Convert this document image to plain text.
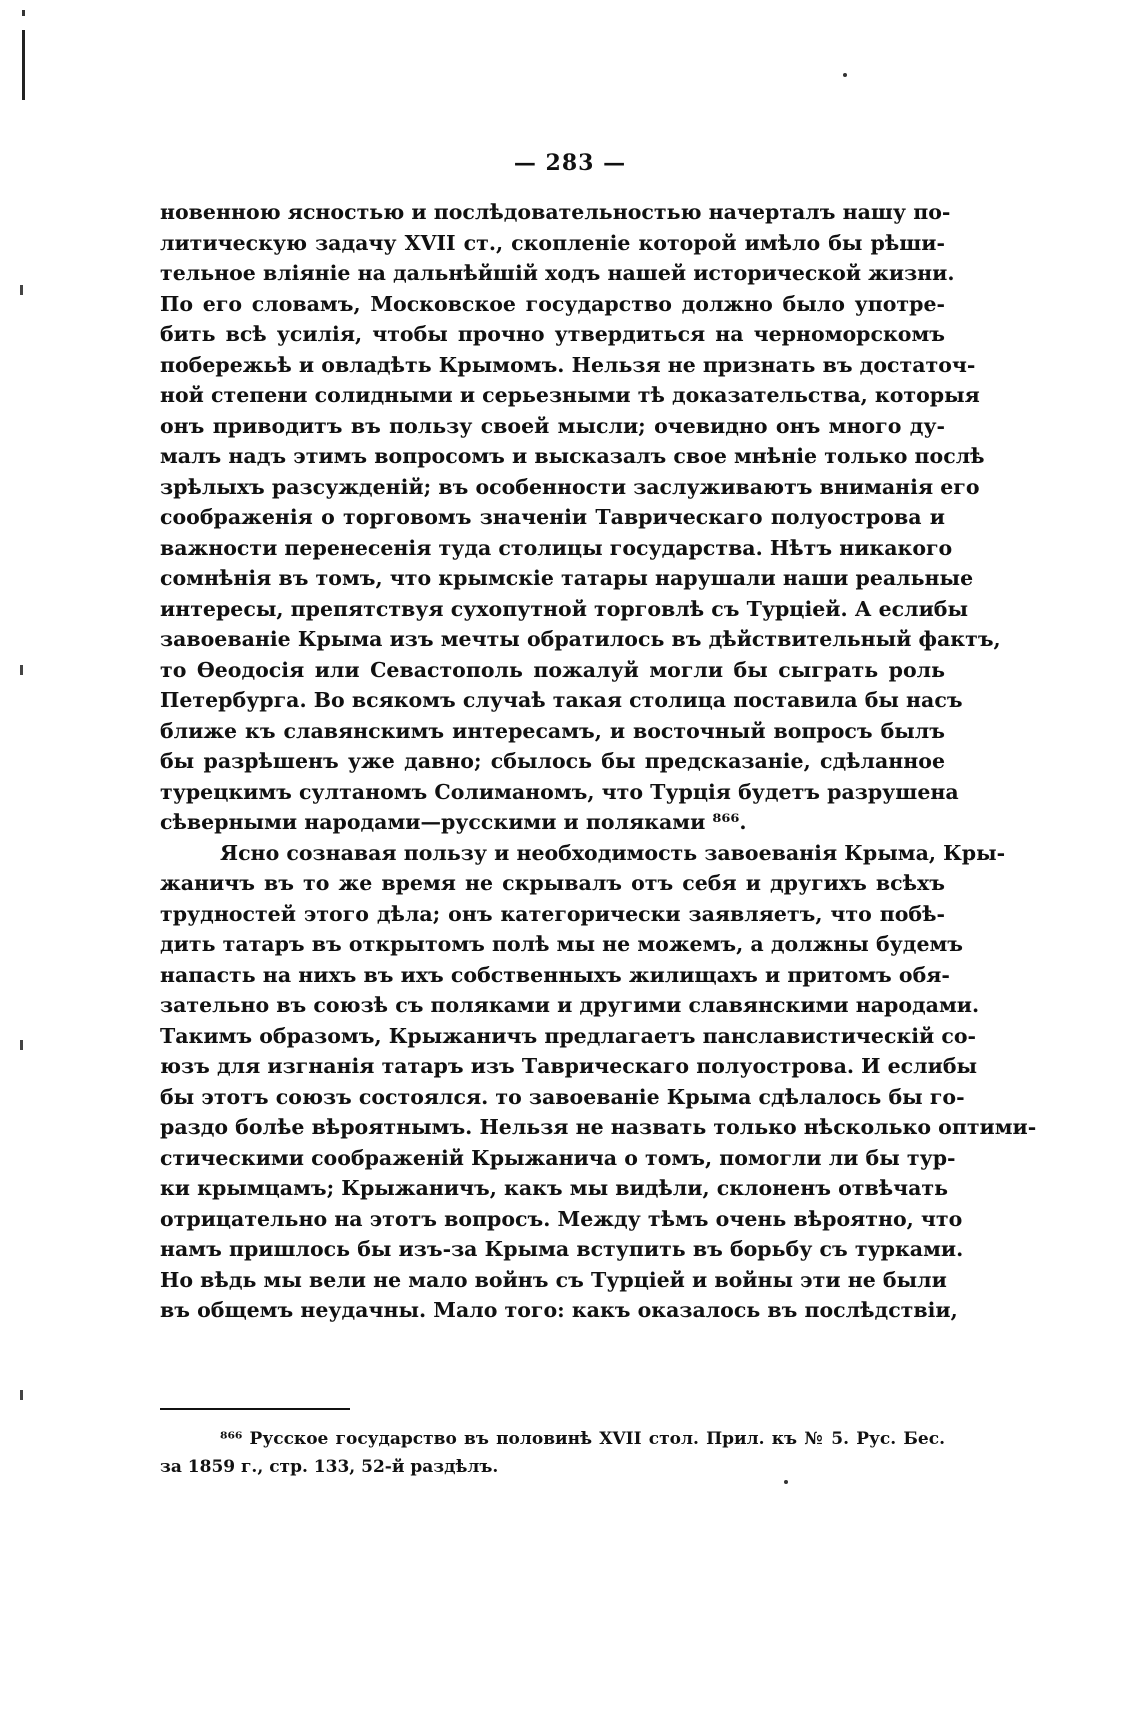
— 283 —
новенною ясностью и послѣдовательностью начерталъ нашу по-
литическую задачу XVII ст., скопленіе которой имѣло бы рѣши-
тельное вліяніе на дальнѣйшій ходъ нашей исторической жизни.
По его словамъ, Московское государство должно было употре-
бить всѣ усилія, чтобы прочно утвердиться на черноморскомъ
побережьѣ и овладѣть Крымомъ. Нельзя не признать въ достаточ-
ной степени солидными и серьезными тѣ доказательства, которыя
онъ приводитъ въ пользу своей мысли; очевидно онъ много ду-
малъ надъ этимъ вопросомъ и высказалъ свое мнѣніе только послѣ
зрѣлыхъ разсужденій; въ особенности заслуживаютъ вниманія его
соображенія о торговомъ значеніи Таврическаго полуострова и
важности перенесенія туда столицы государства. Нѣтъ никакого
сомнѣнія въ томъ, что крымскіе татары нарушали наши реальные
интересы, препятствуя сухопутной торговлѣ съ Турціей. А еслибы
завоеваніе Крыма изъ мечты обратилось въ дѣйствительный фактъ,
то Ѳеодосія или Севастополь пожалуй могли бы сыграть роль
Петербурга. Во всякомъ случаѣ такая столица поставила бы насъ
ближе къ славянскимъ интересамъ, и восточный вопросъ былъ
бы разрѣшенъ уже давно; сбылось бы предсказаніе, сдѣланное
турецкимъ султаномъ Солиманомъ, что Турція будетъ разрушена
сѣверными народами—русскими и поляками ⁸⁶⁶.
Ясно сознавая пользу и необходимость завоеванія Крыма, Кры-
жаничъ въ то же время не скрывалъ отъ себя и другихъ всѣхъ
трудностей этого дѣла; онъ категорически заявляетъ, что побѣ-
дить татаръ въ открытомъ полѣ мы не можемъ, а должны будемъ
напасть на нихъ въ ихъ собственныхъ жилищахъ и притомъ обя-
зательно въ союзѣ съ поляками и другими славянскими народами.
Такимъ образомъ, Крыжаничъ предлагаетъ панславистическій со-
юзъ для изгнанія татаръ изъ Таврическаго полуострова. И еслибы
бы этотъ союзъ состоялся. то завоеваніе Крыма сдѣлалось бы го-
раздо болѣе вѣроятнымъ. Нельзя не назвать только нѣсколько оптими-
стическими соображеній Крыжанича о томъ, помогли ли бы тур-
ки крымцамъ; Крыжаничъ, какъ мы видѣли, склоненъ отвѣчать
отрицательно на этотъ вопросъ. Между тѣмъ очень вѣроятно, что
намъ пришлось бы изъ-за Крыма вступить въ борьбу съ турками.
Но вѣдь мы вели не мало войнъ съ Турціей и войны эти не были
въ общемъ неудачны. Мало того: какъ оказалось въ послѣдствіи,
⁸⁶⁶ Русское государство въ половинѣ XVII стол. Прил. къ № 5. Рус. Бес.
за 1859 г., стр. 133, 52-й раздѣлъ.
